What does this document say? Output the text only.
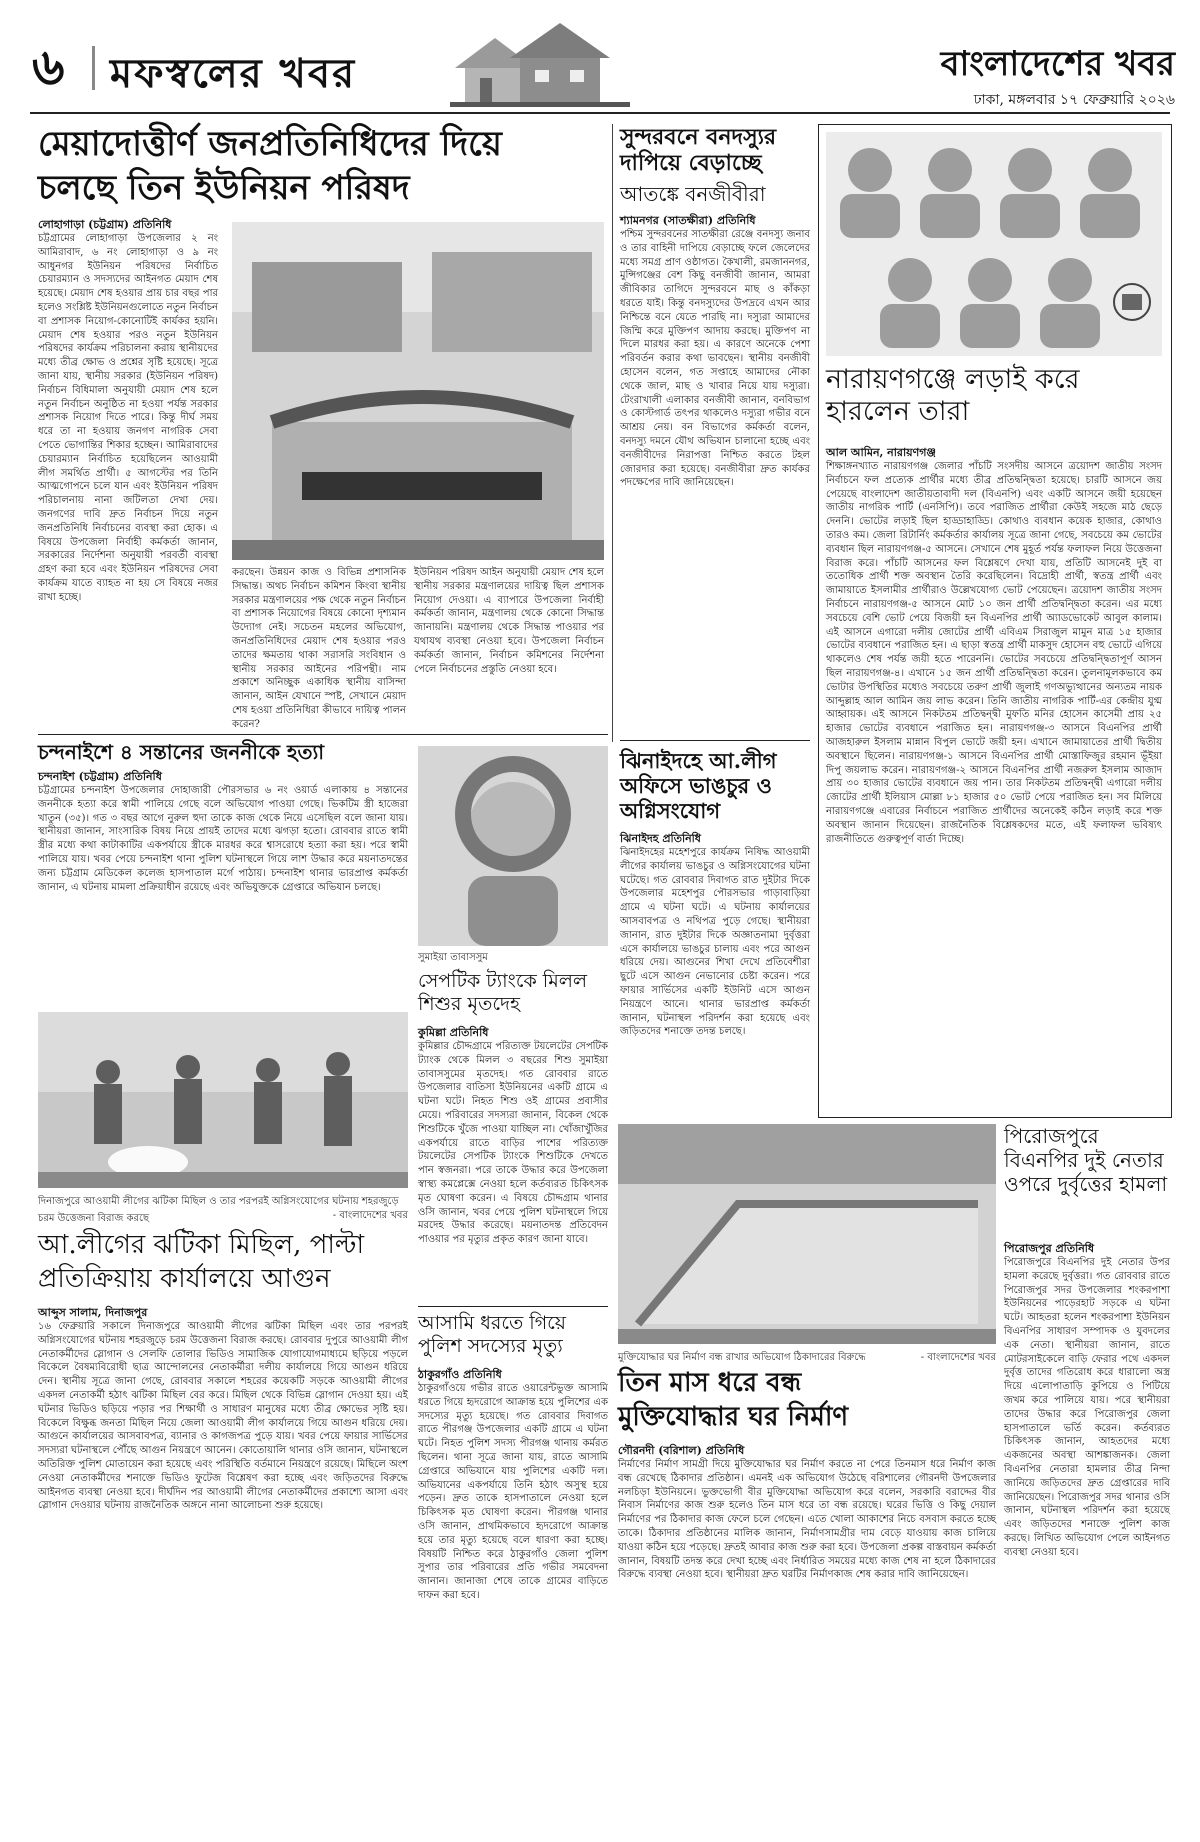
৬ মফস্বলের খবর	বাংলাদেশের খবর
ঢাকা, মঙ্গলবার ১৭ ফেব্রুয়ারি ২০২৬
মেয়াদোত্তীর্ণ জনপ্রতিনিধিদের দিয়ে
চলছে তিন ইউনিয়ন পরিষদ
লোহাগাড়া (চট্টগ্রাম) প্রতিনিধি
চট্টগ্রামের লোহাগাড়া উপজেলার ২ নং আমিরাবাদ, ৬ নং লোহাগাড়া ও ৯ নং আধুনগর ইউনিয়ন পরিষদের নির্বাচিত চেয়ারম্যান ও সদস্যদের আইনগত মেয়াদ শেষ হয়েছে। মেয়াদ শেষ হওয়ার প্রায় চার বছর পার হলেও সংশ্লিষ্ট ইউনিয়নগুলোতে নতুন নির্বাচন বা প্রশাসক নিয়োগ-কোনোটিই কার্যকর হয়নি। মেয়াদ শেষ হওয়ার পরও নতুন ইউনিয়ন পরিষদের কার্যক্রম পরিচালনা করায় স্থানীয়দের মধ্যে তীব্র ক্ষোভ ও প্রশ্নের সৃষ্টি হয়েছে। সূত্রে জানা যায়, স্থানীয় সরকার (ইউনিয়ন পরিষদ) নির্বাচন বিধিমালা অনুযায়ী মেয়াদ শেষ হলে নতুন নির্বাচন অনুষ্ঠিত না হওয়া পর্যন্ত সরকার প্রশাসক নিয়োগ দিতে পারে। কিন্তু দীর্ঘ সময় ধরে তা না হওয়ায় জনগণ নাগরিক সেবা পেতে ভোগান্তির শিকার হচ্ছেন। আমিরাবাদের চেয়ারম্যান নির্বাচিত হয়েছিলেন আওয়ামী লীগ সমর্থিত প্রার্থী। ৫ আগস্টের পর তিনি আত্মগোপনে চলে যান এবং ইউনিয়ন পরিষদ পরিচালনায় নানা জটিলতা দেখা দেয়। জনগণের দাবি দ্রুত নির্বাচন দিয়ে নতুন জনপ্রতিনিধি নির্বাচনের ব্যবস্থা করা হোক। এ বিষয়ে উপজেলা নির্বাহী কর্মকর্তা জানান, সরকারের নির্দেশনা অনুযায়ী পরবর্তী ব্যবস্থা গ্রহণ করা হবে এবং ইউনিয়ন পরিষদের সেবা কার্যক্রম যাতে ব্যাহত না হয় সে বিষয়ে নজর রাখা হচ্ছে।
করছেন। উন্নয়ন কাজ ও বিভিন্ন প্রশাসনিক সিদ্ধান্ত। অথচ নির্বাচন কমিশন কিংবা স্থানীয় সরকার মন্ত্রণালয়ের পক্ষ থেকে নতুন নির্বাচন বা প্রশাসক নিয়োগের বিষয়ে কোনো দৃশ্যমান উদ্যোগ নেই। সচেতন মহলের অভিযোগ, জনপ্রতিনিধিদের মেয়াদ শেষ হওয়ার পরও তাদের ক্ষমতায় থাকা সরাসরি সংবিধান ও স্থানীয় সরকার আইনের পরিপন্থী। নাম প্রকাশে অনিচ্ছুক একাধিক স্থানীয় বাসিন্দা জানান, আইন যেখানে স্পষ্ট, সেখানে মেয়াদ শেষ হওয়া প্রতিনিধিরা কীভাবে দায়িত্ব পালন করেন?
ইউনিয়ন পরিষদ আইন অনুযায়ী মেয়াদ শেষ হলে স্থানীয় সরকার মন্ত্রণালয়ের দায়িত্ব ছিল প্রশাসক নিয়োগ দেওয়া। এ ব্যাপারে উপজেলা নির্বাহী কর্মকর্তা জানান, মন্ত্রণালয় থেকে কোনো সিদ্ধান্ত জানায়নি। মন্ত্রণালয় থেকে সিদ্ধান্ত পাওয়ার পর যথাযথ ব্যবস্থা নেওয়া হবে। উপজেলা নির্বাচন কর্মকর্তা জানান, নির্বাচন কমিশনের নির্দেশনা পেলে নির্বাচনের প্রস্তুতি নেওয়া হবে।
সুন্দরবনে বনদস্যুর দাপিয়ে বেড়াচ্ছে
আতঙ্কে বনজীবীরা
শ্যামনগর (সাতক্ষীরা) প্রতিনিধি
পশ্চিম সুন্দরবনের সাতক্ষীরা রেঞ্জে বনদস্যু জনাব ও তার বাহিনী দাপিয়ে বেড়াচ্ছে ফলে জেলেদের মধ্যে সমগ্র প্রাণ ওষ্ঠাগত। কৈখালী, রমজাননগর, মুন্সিগঞ্জের বেশ কিছু বনজীবী জানান, আমরা জীবিকার তাগিদে সুন্দরবনে মাছ ও কাঁকড়া ধরতে যাই। কিন্তু বনদস্যুদের উপদ্রবে এখন আর নিশ্চিন্তে বনে যেতে পারছি না। দস্যুরা আমাদের জিম্মি করে মুক্তিপণ আদায় করছে। মুক্তিপণ না দিলে মারধর করা হয়। এ কারণে অনেকে পেশা পরিবর্তন করার কথা ভাবছেন। স্থানীয় বনজীবী হোসেন বলেন, গত সপ্তাহে আমাদের নৌকা থেকে জাল, মাছ ও খাবার নিয়ে যায় দস্যুরা। টেংরাখালী এলাকার বনজীবী জানান, বনবিভাগ ও কোস্টগার্ড তৎপর থাকলেও দস্যুরা গভীর বনে আশ্রয় নেয়। বন বিভাগের কর্মকর্তা বলেন, বনদস্যু দমনে যৌথ অভিযান চালানো হচ্ছে এবং বনজীবীদের নিরাপত্তা নিশ্চিত করতে টহল জোরদার করা হয়েছে। বনজীবীরা দ্রুত কার্যকর পদক্ষেপের দাবি জানিয়েছেন।
ঝিনাইদহে আ.লীগ অফিসে ভাঙচুর ও অগ্নিসংযোগ
ঝিনাইদহ প্রতিনিধি
ঝিনাইদহের মহেশপুরে কার্যক্রম নিষিদ্ধ আওয়ামী লীগের কার্যালয় ভাঙচুর ও অগ্নিসংযোগের ঘটনা ঘটেছে। গত রোববার দিবাগত রাত দুইটার দিকে উপজেলার মহেশপুর পৌরসভার গাড়াবাড়িয়া গ্রামে এ ঘটনা ঘটে। এ ঘটনায় কার্যালয়ের আসবাবপত্র ও নথিপত্র পুড়ে গেছে। স্থানীয়রা জানান, রাত দুইটার দিকে অজ্ঞাতনামা দুর্বৃত্তরা এসে কার্যালয়ে ভাঙচুর চালায় এবং পরে আগুন ধরিয়ে দেয়। আগুনের শিখা দেখে প্রতিবেশীরা ছুটে এসে আগুন নেভানোর চেষ্টা করেন। পরে ফায়ার সার্ভিসের একটি ইউনিট এসে আগুন নিয়ন্ত্রণে আনে। থানার ভারপ্রাপ্ত কর্মকর্তা জানান, ঘটনাস্থল পরিদর্শন করা হয়েছে এবং জড়িতদের শনাক্তে তদন্ত চলছে।
নারায়ণগঞ্জে লড়াই করে হারলেন তারা
আল আমিন, নারায়ণগঞ্জ
শিক্ষাঙ্গনখ্যাত নারায়ণগঞ্জ জেলার পাঁচটি সংসদীয় আসনে ত্রয়োদশ জাতীয় সংসদ নির্বাচনে ফল প্রত্যেক প্রার্থীর মধ্যে তীব্র প্রতিদ্বন্দ্বিতা হয়েছে। চারটি আসনে জয় পেয়েছে বাংলাদেশ জাতীয়তাবাদী দল (বিএনপি) এবং একটি আসনে জয়ী হয়েছেন জাতীয় নাগরিক পার্টি (এনসিপি)। তবে পরাজিত প্রার্থীরা কেউই সহজে মাঠ ছেড়ে দেননি। ভোটের লড়াই ছিল হাড্ডাহাড্ডি। কোথাও ব্যবধান কয়েক হাজার, কোথাও তারও কম। জেলা রিটার্নিং কর্মকর্তার কার্যালয় সূত্রে জানা গেছে, সবচেয়ে কম ভোটের ব্যবধান ছিল নারায়ণগঞ্জ-৫ আসনে। সেখানে শেষ মুহূর্ত পর্যন্ত ফলাফল নিয়ে উত্তেজনা বিরাজ করে। পাঁচটি আসনের ফল বিশ্লেষণে দেখা যায়, প্রতিটি আসনেই দুই বা ততোধিক প্রার্থী শক্ত অবস্থান তৈরি করেছিলেন। বিদ্রোহী প্রার্থী, স্বতন্ত্র প্রার্থী এবং জামায়াতে ইসলামীর প্রার্থীরাও উল্লেখযোগ্য ভোট পেয়েছেন। ত্রয়োদশ জাতীয় সংসদ নির্বাচনে নারায়ণগঞ্জ-৫ আসনে মোট ১০ জন প্রার্থী প্রতিদ্বন্দ্বিতা করেন। এর মধ্যে সবচেয়ে বেশি ভোট পেয়ে বিজয়ী হন বিএনপির প্রার্থী অ্যাডভোকেট আবুল কালাম। এই আসনে এগারো দলীয় জোটের প্রার্থী এবিএম সিরাজুল মামুন মাত্র ১৫ হাজার ভোটের ব্যবধানে পরাজিত হন। এ ছাড়া স্বতন্ত্র প্রার্থী মাকসুদ হোসেন বহু ভোটে এগিয়ে থাকলেও শেষ পর্যন্ত জয়ী হতে পারেননি। ভোটের সবচেয়ে প্রতিদ্বন্দ্বিতাপূর্ণ আসন ছিল নারায়ণগঞ্জ-৪। এখানে ১৫ জন প্রার্থী প্রতিদ্বন্দ্বিতা করেন। তুলনামূলকভাবে কম ভোটার উপস্থিতির মধ্যেও সবচেয়ে তরুণ প্রার্থী জুলাই গণঅভ্যুত্থানের অন্যতম নায়ক আব্দুল্লাহ আল আমিন জয় লাভ করেন। তিনি জাতীয় নাগরিক পার্টি-এর কেন্দ্রীয় যুগ্ম আহ্বায়ক। এই আসনে নিকটতম প্রতিদ্বন্দ্বী মুফতি মনির হোসেন কাসেমী প্রায় ২৫ হাজার ভোটের ব্যবধানে পরাজিত হন। নারায়ণগঞ্জ-৩ আসনে বিএনপির প্রার্থী আজহারুল ইসলাম মান্নান বিপুল ভোটে জয়ী হন। এখানে জামায়াতের প্রার্থী দ্বিতীয় অবস্থানে ছিলেন। নারায়ণগঞ্জ-১ আসনে বিএনপির প্রার্থী মোস্তাফিজুর রহমান ভূঁইয়া দিপু জয়লাভ করেন। নারায়ণগঞ্জ-২ আসনে বিএনপির প্রার্থী নজরুল ইসলাম আজাদ প্রায় ৩০ হাজার ভোটের ব্যবধানে জয় পান। তার নিকটতম প্রতিদ্বন্দ্বী এগারো দলীয় জোটের প্রার্থী ইলিয়াস মোল্লা ৮১ হাজার ৫০ ভোট পেয়ে পরাজিত হন। সব মিলিয়ে নারায়ণগঞ্জে এবারের নির্বাচনে পরাজিত প্রার্থীদের অনেকেই কঠিন লড়াই করে শক্ত অবস্থান জানান দিয়েছেন। রাজনৈতিক বিশ্লেষকদের মতে, এই ফলাফল ভবিষ্যৎ রাজনীতিতে গুরুত্বপূর্ণ বার্তা দিচ্ছে।
চন্দনাইশে ৪ সন্তানের জননীকে হত্যা
চন্দনাইশ (চট্টগ্রাম) প্রতিনিধি
চট্টগ্রামের চন্দনাইশ উপজেলার দোহাজারী পৌরসভার ৬ নং ওয়ার্ড এলাকায় ৪ সন্তানের জননীকে হত্যা করে স্বামী পালিয়ে গেছে বলে অভিযোগ পাওয়া গেছে। ভিকটিম স্ত্রী হাজেরা খাতুন (৩৫)। গত ৩ বছর আগে নুরুল হুদা তাকে কাজ থেকে নিয়ে এসেছিল বলে জানা যায়। স্থানীয়রা জানান, সাংসারিক বিষয় নিয়ে প্রায়ই তাদের মধ্যে ঝগড়া হতো। রোববার রাতে স্বামী স্ত্রীর মধ্যে কথা কাটাকাটির একপর্যায়ে স্ত্রীকে মারধর করে শ্বাসরোধে হত্যা করা হয়। পরে স্বামী পালিয়ে যায়। খবর পেয়ে চন্দনাইশ থানা পুলিশ ঘটনাস্থলে গিয়ে লাশ উদ্ধার করে ময়নাতদন্তের জন্য চট্টগ্রাম মেডিকেল কলেজ হাসপাতাল মর্গে পাঠায়। চন্দনাইশ থানার ভারপ্রাপ্ত কর্মকর্তা জানান, এ ঘটনায় মামলা প্রক্রিয়াধীন রয়েছে এবং অভিযুক্তকে গ্রেপ্তারে অভিযান চলছে।
সুমাইয়া তাবাসসুম
সেপটিক ট্যাংকে মিলল শিশুর মৃতদেহ
কুমিল্লা প্রতিনিধি
কুমিল্লার চৌদ্দগ্রামে পরিত্যক্ত টয়লেটের সেপটিক ট্যাংক থেকে মিলল ৩ বছরের শিশু সুমাইয়া তাবাসসুমের মৃতদেহ। গত রোববার রাতে উপজেলার বাতিসা ইউনিয়নের একটি গ্রামে এ ঘটনা ঘটে। নিহত শিশু ওই গ্রামের প্রবাসীর মেয়ে। পরিবারের সদস্যরা জানান, বিকেল থেকে শিশুটিকে খুঁজে পাওয়া যাচ্ছিল না। খোঁজাখুঁজির একপর্যায়ে রাতে বাড়ির পাশের পরিত্যক্ত টয়লেটের সেপটিক ট্যাংকে শিশুটিকে দেখতে পান স্বজনরা। পরে তাকে উদ্ধার করে উপজেলা স্বাস্থ্য কমপ্লেক্সে নেওয়া হলে কর্তব্যরত চিকিৎসক মৃত ঘোষণা করেন। এ বিষয়ে চৌদ্দগ্রাম থানার ওসি জানান, খবর পেয়ে পুলিশ ঘটনাস্থলে গিয়ে মরদেহ উদ্ধার করেছে। ময়নাতদন্ত প্রতিবেদন পাওয়ার পর মৃত্যুর প্রকৃত কারণ জানা যাবে।
আসামি ধরতে গিয়ে পুলিশ সদস্যের মৃত্যু
ঠাকুরগাঁও প্রতিনিধি
ঠাকুরগাঁওয়ে গভীর রাতে ওয়ারেন্টভুক্ত আসামি ধরতে গিয়ে হৃদরোগে আক্রান্ত হয়ে পুলিশের এক সদস্যের মৃত্যু হয়েছে। গত রোববার দিবাগত রাতে পীরগঞ্জ উপজেলার একটি গ্রামে এ ঘটনা ঘটে। নিহত পুলিশ সদস্য পীরগঞ্জ থানায় কর্মরত ছিলেন। থানা সূত্রে জানা যায়, রাতে আসামি গ্রেপ্তারে অভিযানে যায় পুলিশের একটি দল। অভিযানের একপর্যায়ে তিনি হঠাৎ অসুস্থ হয়ে পড়েন। দ্রুত তাকে হাসপাতালে নেওয়া হলে চিকিৎসক মৃত ঘোষণা করেন। পীরগঞ্জ থানার ওসি জানান, প্রাথমিকভাবে হৃদরোগে আক্রান্ত হয়ে তার মৃত্যু হয়েছে বলে ধারণা করা হচ্ছে। বিষয়টি নিশ্চিত করে ঠাকুরগাঁও জেলা পুলিশ সুপার তার পরিবারের প্রতি গভীর সমবেদনা জানান। জানাজা শেষে তাকে গ্রামের বাড়িতে দাফন করা হবে।
দিনাজপুরে আওয়ামী লীগের ঝটিকা মিছিল ও তার পরপরই অগ্নিসংযোগের ঘটনায় শহরজুড়ে চরম উত্তেজনা বিরাজ করছে	- বাংলাদেশের খবর
আ.লীগের ঝটিকা মিছিল, পাল্টা
প্রতিক্রিয়ায় কার্যালয়ে আগুন
আব্দুস সালাম, দিনাজপুর
১৬ ফেব্রুয়ারি সকালে দিনাজপুরে আওয়ামী লীগের ঝটিকা মিছিল এবং তার পরপরই অগ্নিসংযোগের ঘটনায় শহরজুড়ে চরম উত্তেজনা বিরাজ করছে। রোববার দুপুরে আওয়ামী লীগ নেতাকর্মীদের স্লোগান ও সেলফি তোলার ভিডিও সামাজিক যোগাযোগমাধ্যমে ছড়িয়ে পড়লে বিকেলে বৈষম্যবিরোধী ছাত্র আন্দোলনের নেতাকর্মীরা দলীয় কার্যালয়ে গিয়ে আগুন ধরিয়ে দেন। স্থানীয় সূত্রে জানা গেছে, রোববার সকালে শহরের কয়েকটি সড়কে আওয়ামী লীগের একদল নেতাকর্মী হঠাৎ ঝটিকা মিছিল বের করে। মিছিল থেকে বিভিন্ন স্লোগান দেওয়া হয়। এই ঘটনার ভিডিও ছড়িয়ে পড়ার পর শিক্ষার্থী ও সাধারণ মানুষের মধ্যে তীব্র ক্ষোভের সৃষ্টি হয়। বিকেলে বিক্ষুব্ধ জনতা মিছিল নিয়ে জেলা আওয়ামী লীগ কার্যালয়ে গিয়ে আগুন ধরিয়ে দেয়। আগুনে কার্যালয়ের আসবাবপত্র, ব্যানার ও কাগজপত্র পুড়ে যায়। খবর পেয়ে ফায়ার সার্ভিসের সদস্যরা ঘটনাস্থলে পৌঁছে আগুন নিয়ন্ত্রণে আনেন। কোতোয়ালি থানার ওসি জানান, ঘটনাস্থলে অতিরিক্ত পুলিশ মোতায়েন করা হয়েছে এবং পরিস্থিতি বর্তমানে নিয়ন্ত্রণে রয়েছে। মিছিলে অংশ নেওয়া নেতাকর্মীদের শনাক্তে ভিডিও ফুটেজ বিশ্লেষণ করা হচ্ছে এবং জড়িতদের বিরুদ্ধে আইনগত ব্যবস্থা নেওয়া হবে। দীর্ঘদিন পর আওয়ামী লীগের নেতাকর্মীদের প্রকাশ্যে আসা এবং স্লোগান দেওয়ার ঘটনায় রাজনৈতিক অঙ্গনে নানা আলোচনা শুরু হয়েছে।
মুক্তিযোদ্ধার ঘর নির্মাণ বন্ধ রাখার অভিযোগ ঠিকাদারের বিরুদ্ধে	- বাংলাদেশের খবর
তিন মাস ধরে বন্ধ
মুক্তিযোদ্ধার ঘর নির্মাণ
গৌরনদী (বরিশাল) প্রতিনিধি
নির্মাণের নির্মাণ সামগ্রী দিয়ে মুক্তিযোদ্ধার ঘর নির্মাণ করতে না পেরে তিনমাস ধরে নির্মাণ কাজ বন্ধ রেখেছে ঠিকাদার প্রতিষ্ঠান। এমনই এক অভিযোগ উঠেছে বরিশালের গৌরনদী উপজেলার নলচিড়া ইউনিয়নে। ভুক্তভোগী বীর মুক্তিযোদ্ধা অভিযোগ করে বলেন, সরকারি বরাদ্দের বীর নিবাস নির্মাণের কাজ শুরু হলেও তিন মাস ধরে তা বন্ধ রয়েছে। ঘরের ভিত্তি ও কিছু দেয়াল নির্মাণের পর ঠিকাদার কাজ ফেলে চলে গেছেন। এতে খোলা আকাশের নিচে বসবাস করতে হচ্ছে তাকে। ঠিকাদার প্রতিষ্ঠানের মালিক জানান, নির্মাণসামগ্রীর দাম বেড়ে যাওয়ায় কাজ চালিয়ে যাওয়া কঠিন হয়ে পড়েছে। দ্রুতই আবার কাজ শুরু করা হবে। উপজেলা প্রকল্প বাস্তবায়ন কর্মকর্তা জানান, বিষয়টি তদন্ত করে দেখা হচ্ছে এবং নির্ধারিত সময়ের মধ্যে কাজ শেষ না হলে ঠিকাদারের বিরুদ্ধে ব্যবস্থা নেওয়া হবে। স্থানীয়রা দ্রুত ঘরটির নির্মাণকাজ শেষ করার দাবি জানিয়েছেন।
পিরোজপুরে বিএনপির দুই নেতার ওপরে দুর্বৃত্তের হামলা
পিরোজপুর প্রতিনিধি
পিরোজপুরে বিএনপির দুই নেতার উপর হামলা করেছে দুর্বৃত্তরা। গত রোববার রাতে পিরোজপুর সদর উপজেলার শংকরপাশা ইউনিয়নের পাড়েরহাট সড়কে এ ঘটনা ঘটে। আহতরা হলেন শংকরপাশা ইউনিয়ন বিএনপির সাধারণ সম্পাদক ও যুবদলের এক নেতা। স্থানীয়রা জানান, রাতে মোটরসাইকেলে বাড়ি ফেরার পথে একদল দুর্বৃত্ত তাদের গতিরোধ করে ধারালো অস্ত্র দিয়ে এলোপাতাড়ি কুপিয়ে ও পিটিয়ে জখম করে পালিয়ে যায়। পরে স্থানীয়রা তাদের উদ্ধার করে পিরোজপুর জেলা হাসপাতালে ভর্তি করেন। কর্তব্যরত চিকিৎসক জানান, আহতদের মধ্যে একজনের অবস্থা আশঙ্কাজনক। জেলা বিএনপির নেতারা হামলার তীব্র নিন্দা জানিয়ে জড়িতদের দ্রুত গ্রেপ্তারের দাবি জানিয়েছেন। পিরোজপুর সদর থানার ওসি জানান, ঘটনাস্থল পরিদর্শন করা হয়েছে এবং জড়িতদের শনাক্তে পুলিশ কাজ করছে। লিখিত অভিযোগ পেলে আইনগত ব্যবস্থা নেওয়া হবে।
